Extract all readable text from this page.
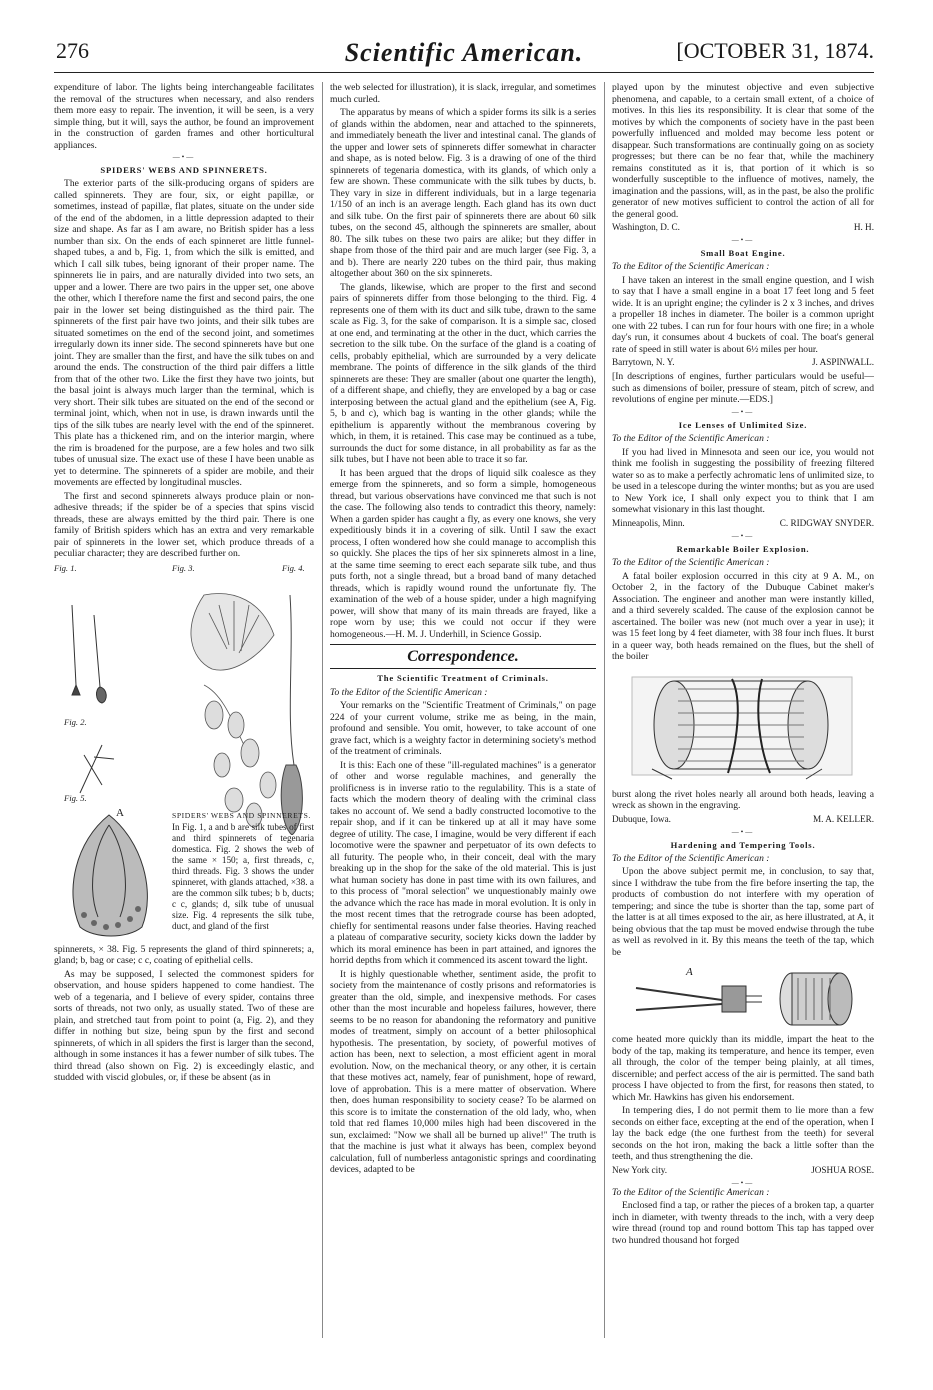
276	Scientific American.	[OCTOBER 31, 1874.

expenditure of labor. The lights being interchangeable facilitates the removal of the structures when necessary, and also renders them more easy to repair. The invention, it will be seen, is a very simple thing, but it will, says the author, be found an improvement in the construction of garden frames and other horticultural appliances.

—•—
SPIDERS' WEBS AND SPINNERETS.

The exterior parts of the silk-producing organs of spiders are called spinnerets. They are four, six, or eight papillæ, or sometimes, instead of papillæ, flat plates, situate on the under side of the end of the abdomen, in a little depression adapted to their size and shape. As far as I am aware, no British spider has a less number than six. On the ends of each spinneret are little funnel-shaped tubes, a and b, Fig. 1, from which the silk is emitted, and which I call silk tubes, being ignorant of their proper name. The spinnerets lie in pairs, and are naturally divided into two sets, an upper and a lower. There are two pairs in the upper set, one above the other, which I therefore name the first and second pairs, the one pair in the lower set being distinguished as the third pair. The spinnerets of the first pair have two joints, and their silk tubes are situated sometimes on the end of the second joint, and sometimes irregularly down its inner side. The second spinnerets have but one joint. They are smaller than the first, and have the silk tubes on and around the ends. The construction of the third pair differs a little from that of the other two. Like the first they have two joints, but the basal joint is always much larger than the terminal, which is very short. Their silk tubes are situated on the end of the second or terminal joint, which, when not in use, is drawn inwards until the tips of the silk tubes are nearly level with the end of the spinneret. This plate has a thickened rim, and on the interior margin, where the rim is broadened for the purpose, are a few holes and two silk tubes of unusual size. The exact use of these I have been unable as yet to determine. The spinnerets of a spider are mobile, and their movements are effected by longitudinal muscles.

The first and second spinnerets always produce plain or non-adhesive threads; if the spider be of a species that spins viscid threads, these are always emitted by the third pair. There is one family of British spiders which has an extra and very remarkable pair of spinnerets in the lower set, which produce threads of a peculiar character; they are described further on.

Fig. 1.	Fig. 3.	Fig. 4.
Fig. 2.
Fig. 5.
A	SPIDERS' WEBS AND SPINNERETS.
In Fig. 1, a and b are silk tubes of first and third spinnerets of tegenaria domestica. Fig. 2 shows the web of the same × 150; a, first threads, c, third threads. Fig. 3 shows the under spinneret, with glands attached, ×38. a are the common silk tubes; b b, ducts; c c, glands; d, silk tube of unusual size. Fig. 4 represents the silk tube, duct, and gland of the first

spinnerets, × 38. Fig. 5 represents the gland of third spinnerets; a, gland; b, bag or case; c c, coating of epithelial cells.

As may be supposed, I selected the commonest spiders for observation, and house spiders happened to come handiest. The web of a tegenaria, and I believe of every spider, contains three sorts of threads, not two only, as usually stated. Two of these are plain, and stretched taut from point to point (a, Fig. 2), and they differ in nothing but size, being spun by the first and second spinnerets, of which in all spiders the first is larger than the second, although in some instances it has a fewer number of silk tubes. The third thread (also shown on Fig. 2) is exceedingly elastic, and studded with viscid globules, or, if these be absent (as in

the web selected for illustration), it is slack, irregular, and sometimes much curled.

The apparatus by means of which a spider forms its silk is a series of glands within the abdomen, near and attached to the spinnerets, and immediately beneath the liver and intestinal canal. The glands of the upper and lower sets of spinnerets differ somewhat in character and shape, as is noted below. Fig. 3 is a drawing of one of the third spinnerets of tegenaria domestica, with its glands, of which only a few are shown. These communicate with the silk tubes by ducts, b. They vary in size in different individuals, but in a large tegenaria 1/150 of an inch is an average length. Each gland has its own duct and silk tube. On the first pair of spinnerets there are about 60 silk tubes, on the second 45, although the spinnerets are smaller, about 80. The silk tubes on these two pairs are alike; but they differ in shape from those of the third pair and are much larger (see Fig. 3, a and b). There are nearly 220 tubes on the third pair, thus making altogether about 360 on the six spinnerets.

The glands, likewise, which are proper to the first and second pairs of spinnerets differ from those belonging to the third. Fig. 4 represents one of them with its duct and silk tube, drawn to the same scale as Fig. 3, for the sake of comparison. It is a simple sac, closed at one end, and terminating at the other in the duct, which carries the secretion to the silk tube. On the surface of the gland is a coating of cells, probably epithelial, which are surrounded by a very delicate membrane. The points of difference in the silk glands of the third spinnerets are these: They are smaller (about one quarter the length), of a different shape, and chiefly, they are enveloped by a bag or case interposing between the actual gland and the epithelium (see A, Fig. 5, b and c), which bag is wanting in the other glands; while the epithelium is apparently without the membranous covering by which, in them, it is retained. This case may be continued as a tube, surrounds the duct for some distance, in all probability as far as the silk tubes, but I have not been able to trace it so far.

It has been argued that the drops of liquid silk coalesce as they emerge from the spinnerets, and so form a simple, homogeneous thread, but various observations have convinced me that such is not the case. The following also tends to contradict this theory, namely: When a garden spider has caught a fly, as every one knows, she very expeditiously binds it in a covering of silk. Until I saw the exact process, I often wondered how she could manage to accomplish this so quickly. She places the tips of her six spinnerets almost in a line, at the same time seeming to erect each separate silk tube, and thus puts forth, not a single thread, but a broad band of many detached threads, which is rapidly wound round the unfortunate fly. The examination of the web of a house spider, under a high magnifying power, will show that many of its main threads are frayed, like a rope worn by use; this we could not occur if they were homogeneous.—H. M. J. Underhill, in Science Gossip.

Correspondence.
The Scientific Treatment of Criminals.

To the Editor of the Scientific American :

Your remarks on the "Scientific Treatment of Criminals," on page 224 of your current volume, strike me as being, in the main, profound and sensible. You omit, however, to take account of one grave fact, which is a weighty factor in determining society's method of the treatment of criminals.

It is this: Each one of these "ill-regulated machines" is a generator of other and worse regulable machines, and generally the prolificness is in inverse ratio to the regulability. This is a state of facts which the modern theory of dealing with the criminal class takes no account of. We send a badly constructed locomotive to the repair shop, and if it can be tinkered up at all it may have some degree of utility. The case, I imagine, would be very different if each locomotive were the spawner and perpetuator of its own defects to all futurity. The people who, in their conceit, deal with the mary breaking up in the shop for the sake of the old material. This is just what human society has done in past time with its own failures, and to this process of "moral selection" we unquestionably mainly owe the advance which the race has made in moral evolution. It is only in the most recent times that the retrograde course has been adopted, chiefly for sentimental reasons under false theories. Having reached a plateau of comparative security, society kicks down the ladder by which its moral eminence has been in part attained, and ignores the horrid depths from which it commenced its ascent toward the light.

It is highly questionable whether, sentiment aside, the profit to society from the maintenance of costly prisons and reformatories is greater than the old, simple, and inexpensive methods. For cases other than the most incurable and hopeless failures, however, there seems to be no reason for abandoning the reformatory and punitive modes of treatment, simply on account of a better philosophical hypothesis. The presentation, by society, of powerful motives of action has been, next to selection, a most efficient agent in moral evolution. Now, on the mechanical theory, or any other, it is certain that these motives act, namely, fear of punishment, hope of reward, love of approbation. This is a mere matter of observation. Where then, does human responsibility to society cease? To be alarmed on this score is to imitate the consternation of the old lady, who, when told that red flames 10,000 miles high had been discovered in the sun, exclaimed: "Now we shall all be burned up alive!" The truth is that the machine is just what it always has been, complex beyond calculation, full of numberless antagonistic springs and coordinating devices, adapted to be

played upon by the minutest objective and even subjective phenomena, and capable, to a certain small extent, of a choice of motives. In this lies its responsibility. It is clear that some of the motives by which the components of society have in the past been powerfully influenced and molded may become less potent or disappear. Such transformations are continually going on as society progresses; but there can be no fear that, while the machinery remains constituted as it is, that portion of it which is so wonderfully susceptible to the influence of motives, namely, the imagination and the passions, will, as in the past, be also the prolific generator of new motives sufficient to control the action of all for the general good.

Washington, D. C.	H. H.
—•—
Small Boat Engine.

To the Editor of the Scientific American :

I have taken an interest in the small engine question, and I wish to say that I have a small engine in a boat 17 feet long and 5 feet wide. It is an upright engine; the cylinder is 2 x 3 inches, and drives a propeller 18 inches in diameter. The boiler is a common upright one with 22 tubes. I can run for four hours with one fire; in a whole day's run, it consumes about 4 buckets of coal. The boat's general rate of speed in still water is about 6½ miles per hour.

Barrytown, N. Y.	J. ASPINWALL.

[In descriptions of engines, further particulars would be useful—such as dimensions of boiler, pressure of steam, pitch of screw, and revolutions of engine per minute.—EDS.]

—•—
Ice Lenses of Unlimited Size.

To the Editor of the Scientific American :

If you had lived in Minnesota and seen our ice, you would not think me foolish in suggesting the possibility of freezing filtered water so as to make a perfectly achromatic lens of unlimited size, to be used in a telescope during the winter months; but as you are used to New York ice, I shall only expect you to think that I am somewhat visionary in this last thought.

Minneapolis, Minn.	C. RIDGWAY SNYDER.
—•—
Remarkable Boiler Explosion.

To the Editor of the Scientific American :

A fatal boiler explosion occurred in this city at 9 A. M., on October 2, in the factory of the Dubuque Cabinet maker's Association. The engineer and another man were instantly killed, and a third severely scalded. The cause of the explosion cannot be ascertained. The boiler was new (not much over a year in use); it was 15 feet long by 4 feet diameter, with 38 four inch flues. It burst in a queer way, both heads remained on the flues, but the shell of the boiler

burst along the rivet holes nearly all around both heads, leaving a wreck as shown in the engraving.

Dubuque, Iowa.	M. A. KELLER.
—•—
Hardening and Tempering Tools.

To the Editor of the Scientific American :

Upon the above subject permit me, in conclusion, to say that, since I withdraw the tube from the fire before inserting the tap, the products of combustion do not interfere with my operation of tempering; and since the tube is shorter than the tap, some part of the latter is at all times exposed to the air, as here illustrated, at A, it being obvious that the tap must be moved endwise through the tube as well as revolved in it. By this means the teeth of the tap, which be

A

come heated more quickly than its middle, impart the heat to the body of the tap, making its temperature, and hence its temper, even all through, the color of the temper being plainly, at all times, discernible; and perfect access of the air is permitted. The sand bath process I have objected to from the first, for reasons then stated, to which Mr. Hawkins has given his endorsement.

In tempering dies, I do not permit them to lie more than a few seconds on either face, excepting at the end of the operation, when I lay the back edge (the one furthest from the teeth) for several seconds on the hot iron, making the back a little softer than the teeth, and thus strengthening the die.

New York city.	JOSHUA ROSE.
—•—

To the Editor of the Scientific American :

Enclosed find a tap, or rather the pieces of a broken tap, a quarter inch in diameter, with twenty threads to the inch, with a very deep wire thread (round top and round bottom This tap has tapped over two hundred thousand hot forged
